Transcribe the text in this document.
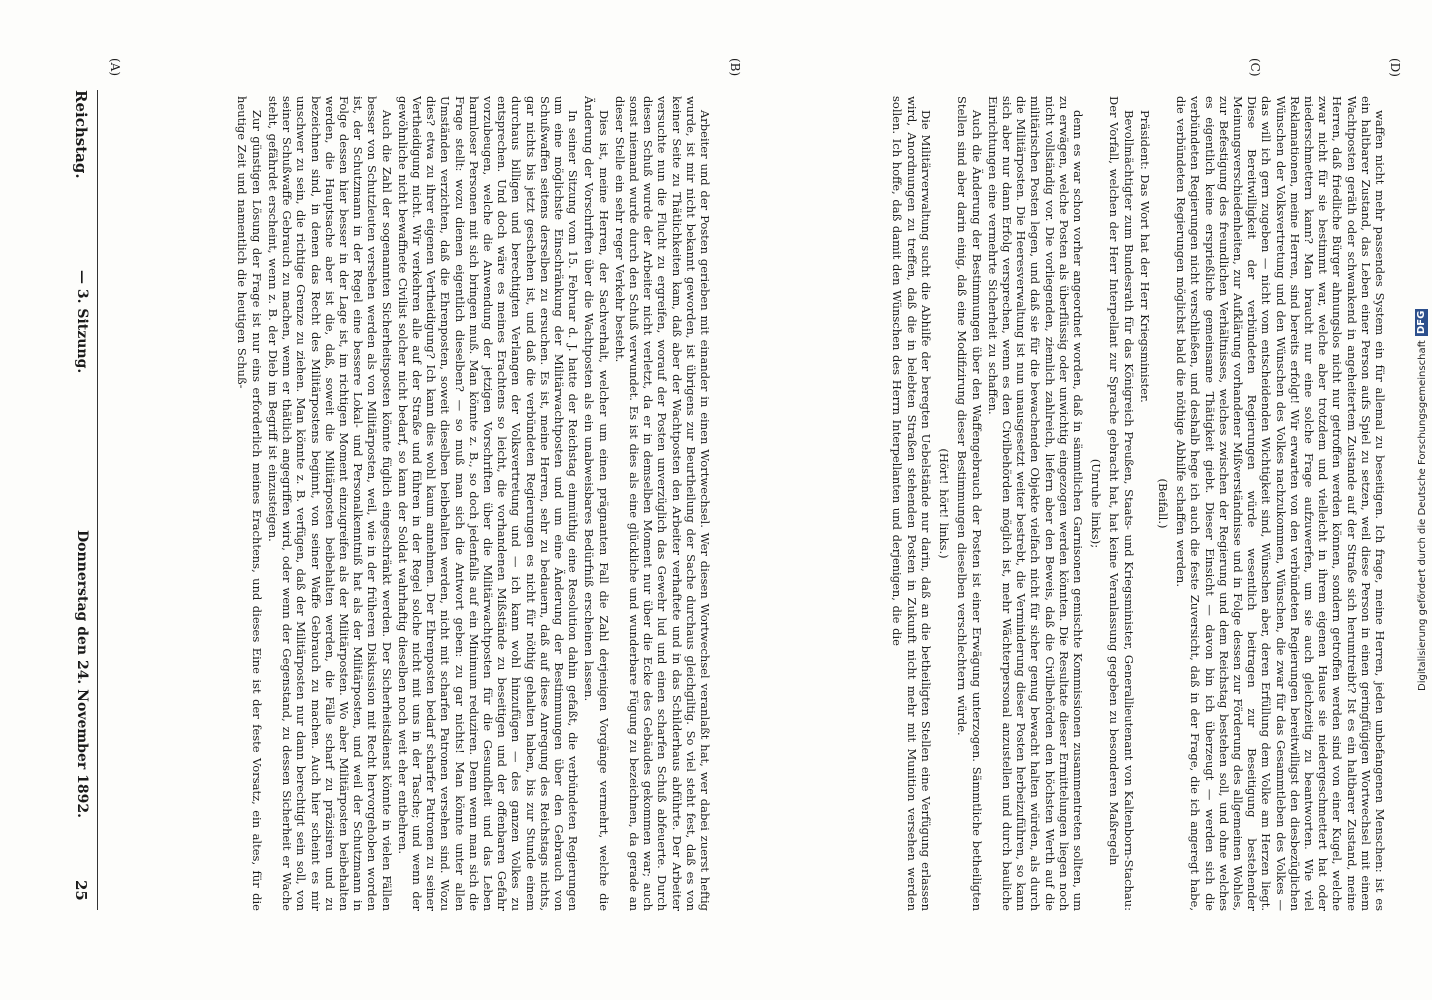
Reichstag.
— 3. Sitzung.
Donnerstag den 24. November 1892.
25
(A)	(B)	(C)	(D)

Arbeiter und der Posten gerieben mit einander in einen Wortwechsel. Wer diesen Wortwechsel veranlaßt hat, wer dabei zuerst heftig wurde, ist mir nicht bekannt geworden, ist übrigens zur Beurtheilung der Sache durchaus gleichgiltig. So viel steht fest, daß es von keiner Seite zu Thätlichkeiten kam, daß aber der Wachtposten den Arbeiter verhaftete und in das Schilderhaus abführte. Der Arbeiter versuchte nun die Flucht zu ergreifen, worauf der Posten unverzüglich das Gewehr lud und einen scharfen Schuß abfeuerte. Durch diesen Schuß wurde der Arbeiter nicht verletzt, da er in demselben Moment nur über die Ecke des Gebäudes gekommen war; auch sonst niemand wurde durch den Schuß verwundet. Es ist dies als eine glückliche und wunderbare Fügung zu bezeichnen, da gerade an dieser Stelle ein sehr reger Verkehr besteht.

Dies ist, meine Herren, der Sachverhalt, welcher um einen prägnanten Fall die Zahl derjenigen Vorgänge vermehrt, welche die Änderung der Vorschriften über die Wachtposten als ein unabweisbares Bedürfniß erscheinen lassen.

In seiner Sitzung vom 15. Februar d. J. hatte der Reichstag einmüthig eine Resolution dahin gefaßt, die verbündeten Regierungen um eine möglichste Einschränkung der Militärwachtposten und um eine Änderung der Bestimmungen über den Gebrauch von Schußwaffen seitens derselben zu ersuchen. Es ist, meine Herren, sehr zu bedauern, daß auf diese Anregung des Reichstags nichts, gar nichts bis jetzt geschehen ist, und daß die verbündeten Regierungen es nicht für nöthig gehalten haben, bis zur Stunde einem durchaus billigen und berechtigten Verlangen der Volksvertretung und — ich kann wohl hinzufügen — des ganzen Volkes zu entsprechen. Und doch wäre es meines Erachtens so leicht, die vorhandenen Mißstände zu beseitigen und der offenbaren Gefahr vorzubeugen, welche die Anwendung der jetzigen Vorschriften über die Militärwachtposten für die Gesundheit und das Leben harmloser Personen mit sich bringen muß. Man könnte z. B., so doch jedenfalls auf ein Minimum reduziren. Denn wenn man sich die Frage stellt: wozu dienen eigentlich dieselben? — so muß man sich die Antwort geben: zu gar nichts! Man könnte unter allen Umständen verzichten, daß die Ehrenposten, soweit dieselben beibehalten werden, nicht mit scharfen Patronen versehen sind. Wozu dies? etwa zu ihrer eigenen Vertheidigung? Ich kann dies wohl kaum annehmen. Der Ehrenposten bedarf scharfer Patronen zu seiner Vertheidigung nicht. Wir verkehren alle auf der Straße und führen in der Regel solche nicht mit uns in der Tasche; und wenn der gewöhnliche nicht bewaffnete Civilist solcher nicht bedarf, so kann der Soldat wahrhaftig dieselben noch weit eher entbehren.

Auch die Zahl der sogenannten Sicherheitsposten könnte füglich eingeschränkt werden. Der Sicherheitsdienst könnte in vielen Fällen besser von Schutzleuten versehen werden als von Militärposten, weil, wie in der früheren Diskussion mit Recht hervorgehoben worden ist, der Schutzmann in der Regel eine bessere Lokal- und Personalkenntniß hat als der Militärposten, und weil der Schutzmann in Folge dessen hier besser in der Lage ist, im richtigen Moment einzugreifen als der Militärposten. Wo aber Militärposten beibehalten werden, die Hauptsache aber ist die, daß, soweit die Militärposten beibehalten werden, die Fälle scharf zu präzisiren und zu bezeichnen sind, in denen das Recht des Militärpostens beginnt, von seiner Waffe Gebrauch zu machen. Auch hier scheint es mir unschwer zu sein, die richtige Grenze zu ziehen. Man könnte z. B. verfügen, daß der Militärposten nur dann berechtigt sein soll, von seiner Schußwaffe Gebrauch zu machen, wenn er thätlich angegriffen wird, oder wenn der Gegenstand, zu dessen Sicherheit er Wache steht, gefährdet erscheint, wenn z. B. der Dieb im Begriff ist einzusteigen.

Zur günstigen Lösung der Frage ist nur eins erforderlich meines Erachtens, und dieses Eine ist der feste Vorsatz, ein altes, für die heutige Zeit und namentlich die heutigen Schuß-	waffen nicht mehr passendes System ein für allemal zu beseitigen. Ich frage, meine Herren, jeden unbefangenen Menschen: ist es ein haltbarer Zustand, das Leben einer Person aufs Spiel zu setzen, weil diese Person in einen geringfügigen Wortwechsel mit einem Wachtposten geräth oder schwankend in angeheitertem Zustande auf der Straße sich herumtreibt? Ist es ein haltbarer Zustand, meine Herren, daß friedliche Bürger ahnungslos nicht nur getroffen werden können, sondern getroffen werden sind von einer Kugel, welche zwar nicht für sie bestimmt war, welche aber trotzdem und vielleicht in ihrem eigenen Hause sie niedergeschmettert hat oder niederschmettern kann? Man braucht nur eine solche Frage aufzuwerfen, um sie auch gleichzeitig zu beantworten. Wie viel Reklamationen, meine Herren, sind bereits erfolgt! Wir erwarten von den verbündeten Regierungen bereitwilligst den diesbezüglichen Wünschen der Volksvertretung und den Wünschen des Volkes nachzukommen, Wünschen, die zwar für das Gesammtleben des Volkes — das will ich gern zugeben — nicht vom entscheidenden Wichtigkeit sind, Wünschen aber, deren Erfüllung dem Volke am Herzen liegt. Diese Bereitwilligkeit der verbündeten Regierungen würde wesentlich beitragen zur Beseitigung bestehender Meinungsverschiedenheiten, zur Aufklärung vorhandener Mißverständnisse und in Folge dessen zur Förderung des allgemeinen Wohles, zur Befestigung des freundlichen Verhältnisses, welches zwischen der Regierung und dem Reichstag bestehen soll, und ohne welches es eigentlich keine ersprießliche gemeinsame Thätigkeit giebt. Dieser Einsicht — davon bin ich überzeugt — werden sich die verbündeten Regierungen nicht verschließen, und deshalb hege ich auch die feste Zuversicht, daß in der Frage, die ich angeregt habe, die verbündeten Regierungen möglichst bald die nöthige Abhilfe schaffen werden.

(Beifall.)

Präsident: Das Wort hat der Herr Kriegsminister.

Bevollmächtigter zum Bundesrath für das Königreich Preußen, Staats- und Kriegsminister, Generallieutenant von Kaltenborn-Stachau: Der Vorfall, welchen der Herr Interpellant zur Sprache gebracht hat, hat keine Veranlassung gegeben zu besonderen Maßregeln

(Unruhe links);

denn es war schon vorher angeordnet worden, daß in sämmtlichen Garnisonen gemischte Kommissionen zusammentreten sollten, um zu erwägen, welche Posten als überflüssig oder unwichtig eingezogen werden könnten. Die Resultate dieser Ermittelungen liegen noch nicht vollständig vor. Die vorliegenden, ziemlich zahlreich, liefern aber den Beweis, daß die Civilbehörden den höchsten Werth auf die militärischen Posten legen, und daß sie für die bewachenden Objekte vielfach nicht für sicher genug bewacht halten würden, als durch die Militärposten. Die Heeresverwaltung ist nun unausgesetzt weiter bestrebt, die Verminderung dieser Posten herbeizuführen, so kann sich aber nur dann Erfolg versprechen, wenn es den Civilbehörden möglich ist, mehr Wächterpersonal anzustellen und durch bauliche Einrichtungen eine vermehrte Sicherheit zu schaffen.

Auch die Änderung der Bestimmungen über den Waffengebrauch der Posten ist einer Erwägung unterzogen. Sämmtliche betheiligten Stellen sind aber darin einig, daß eine Modifizirung dieser Bestimmungen dieselben verschlechtern würde.

(Hört! hört! links.)

Die Militärverwaltung sucht die Abhilfe der beregten Uebelstände nur darin, daß an die betheiligten Stellen eine Verfügung erlassen wird, Anordnungen zu treffen, daß die in belebten Straßen stehenden Posten in Zukunft nicht mehr mit Munition versehen werden sollen. Ich hoffe, daß damit den Wünschen des Herrn Interpellanten und derjenigen, die die	Digitalisierung gefördert durch die Deutsche Forschungsgemeinschaft
DFG
